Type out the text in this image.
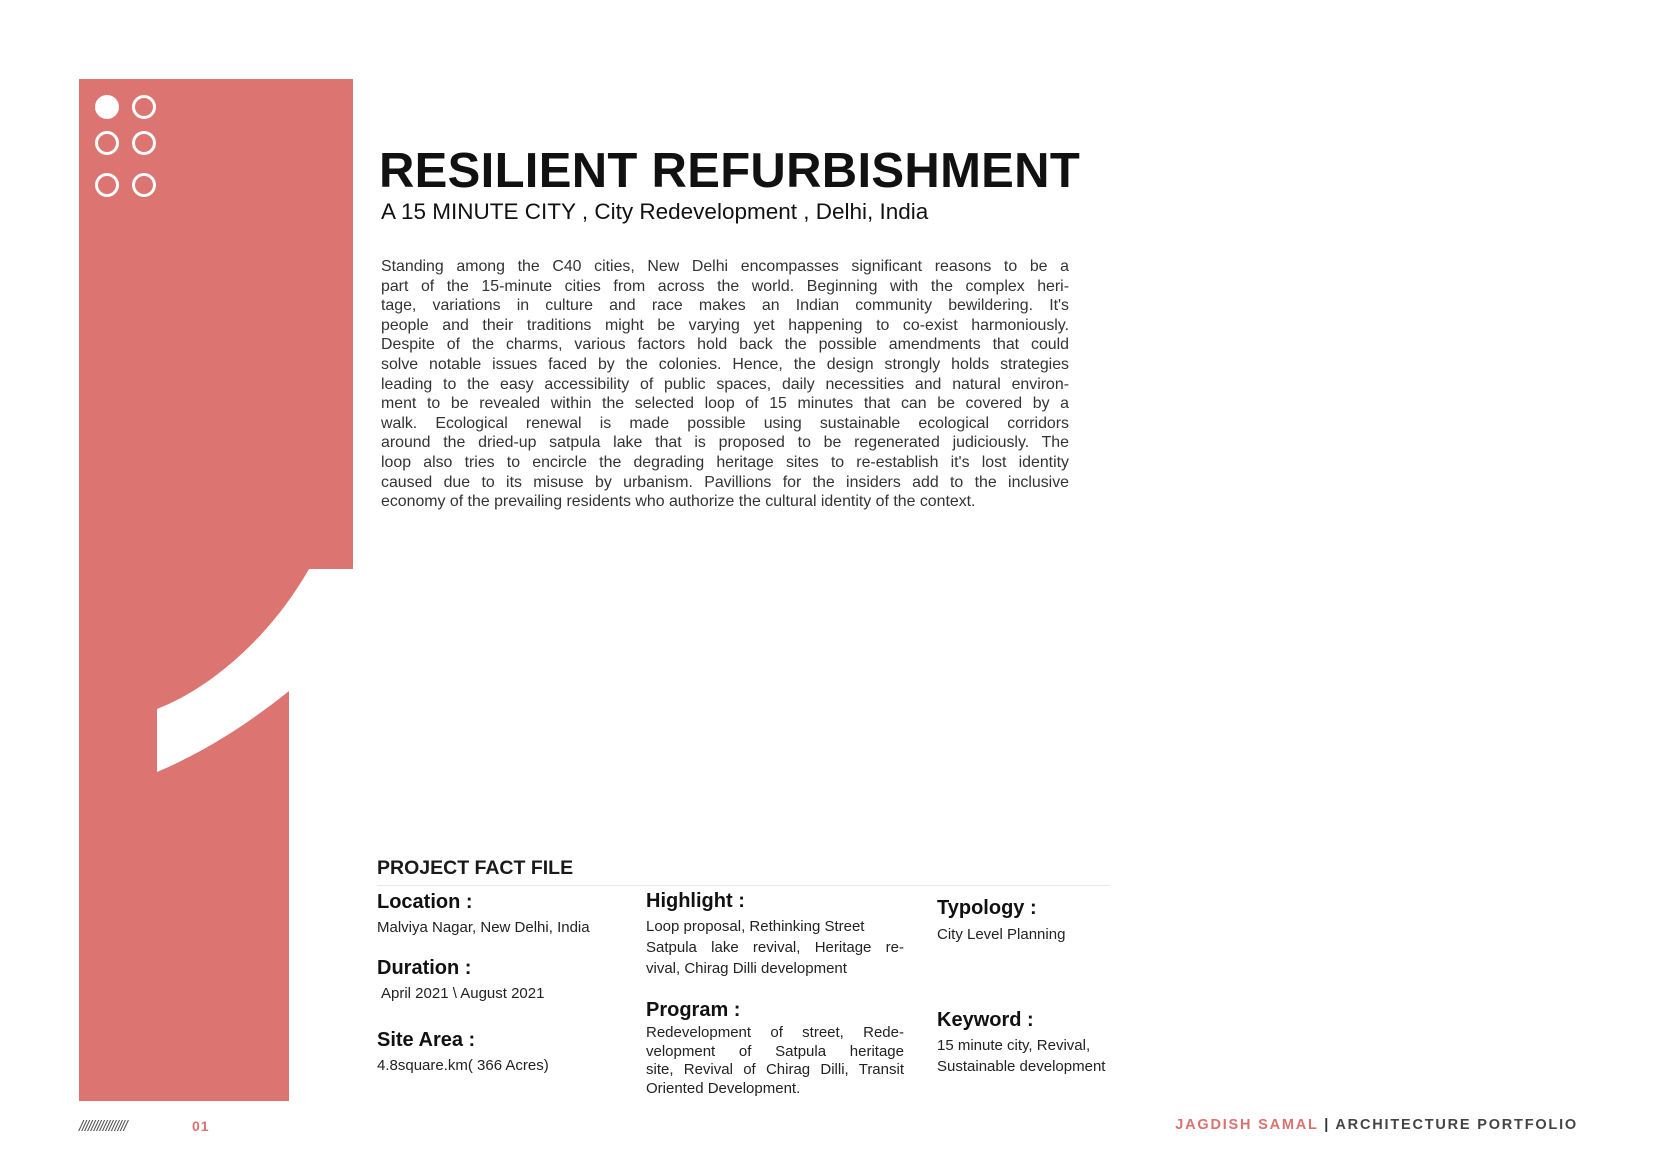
RESILIENT REFURBISHMENT
A 15 MINUTE CITY , City Redevelopment , Delhi, India
Standing among the C40 cities, New Delhi encompasses significant reasons to be a
part of the 15-minute cities from across the world. Beginning with the complex heri-
tage, variations in culture and race makes an Indian community bewildering. It's
people and their traditions might be varying yet happening to co-exist harmoniously.
Despite of the charms, various factors hold back the possible amendments that could
solve notable issues faced by the colonies. Hence, the design strongly holds strategies
leading to the easy accessibility of public spaces, daily necessities and natural environ-
ment to be revealed within the selected loop of 15 minutes that can be covered by a
walk. Ecological renewal is made possible using sustainable ecological corridors
around the dried-up satpula lake that is proposed to be regenerated judiciously. The
loop also tries to encircle the degrading heritage sites to re-establish it's lost identity
caused due to its misuse by urbanism. Pavillions for the insiders add to the inclusive
economy of the prevailing residents who authorize the cultural identity of the context.
PROJECT FACT FILE
Location :
Malviya Nagar, New Delhi, India
Duration :
April 2021 \ August 2021
Site Area :
4.8square.km( 366 Acres)
Highlight :
Loop proposal, Rethinking Street
Satpula lake revival, Heritage re-
vival, Chirag Dilli development
Program :
Redevelopment of street, Rede-
velopment of Satpula heritage
site, Revival of Chirag Dilli, Transit
Oriented Development.
Typology :
City Level Planning
Keyword :
15 minute city, Revival,
Sustainable development
////////////////	01	JAGDISH SAMAL | ARCHITECTURE PORTFOLIO
